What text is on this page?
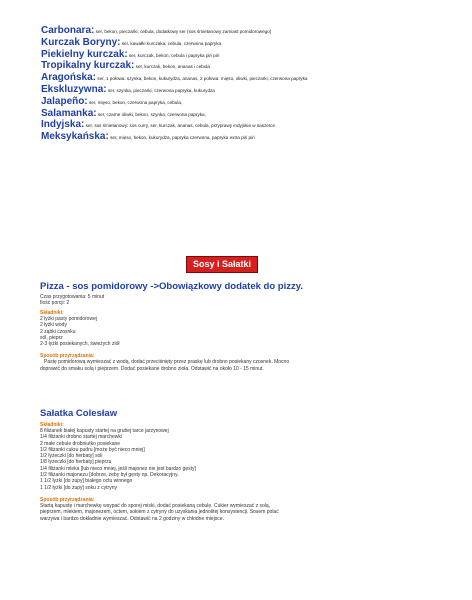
Carbonara: ser, bekon, pieczarki, cebula, dodatkowy ser (sos śmietanowy zamiast pomidorowego)
Kurczak Boryny: ser, kawałki kurczaka, cebula, czerwona papryka
Piekielny kurczak: ser, kurczak, bekon, cebula i papryka piri piri
Tropikalny kurczak: ser, kurczak, bekon, ananas i cebula
Aragońska: ser, 1 połowa: szynka, bekon, kukurydza, ananas, 2 połowa: mięso, oliwki, pieczarki, czerwona papryka
Ekskluzywna: ser, szynka, pieczarki, czerwona papryka, kukurydza
Jalapeño: ser, mięso, bekon, czerwona papryka, cebula,
Salamanka: ser, czarne oliwki, bekon, szynka, czerwona papryka,
Indyjska: ser, sos śmietanowy: sos curry, ser, kurczak, ananas, cebula, przyprawy indyjskie w saszetce
Meksykańska: ser, mięso, bekon, kukurydza, papryka czerwona, papryka extra piri piri
Sosy i Sałatki
Pizza - sos pomidorowy ->Obowiązkowy dodatek do pizzy.
Czas przygotowania: 5 minut
Ilość porcji: 2
Składniki:
2 łyżki pasty pomidorowej
2 łyżki wody
2 ząbki czosnku
sól, pieprz
2-3 łyżki posiekanych, świeżych ziół
Sposób przyrządzania:
Pastę pomidorową wymieszać z wodą, dodać przeciśnięty przez praskę lub drobno posiekany czosnek. Mocno
doprawić do smaku solą i pieprzem. Dodać posiekane drobno zioła. Odstawić na około 10 - 15 minut.
Sałatka Colesław
Składniki:
8 filiżanek białej kapusty startej na grubej tarce jarzynowej
1/4 filiżanki drobno startej marchewki
2 małe cebule drobniutko posiekane
1/2 filiżanki cukru pudru [może być nieco mniej]
1/2 łyżeczki [do herbaty] soli
1/8 łyżeczki [do herbaty] pieprzu
1/4 filiżanki mleka [lub nieco mniej, jeśli majonez nie jest bardzo gęsty]
1/2 filiżanki majonezu [dobrze, żeby był gęsty np. Dekoracyjny.
1 1/2 łyżki [do zupy] białego octu winnego
1 1/2 łyżki [do zupy] soku z cytryny
Sposób przyrządzania:
Startą kapustę i marchewkę wsypać do sporej miski, dodać posiekaną cebulę. Cukier wymieszać z solą,
pieprzem, mlekiem, majonezem, octem, sokiem z cytryny do uzyskania jednolitej konsystencji. Sosem polać
warzywa i bardzo dokładnie wymieszać. Odstawić na 2 godziny w chłodne miejsce.
